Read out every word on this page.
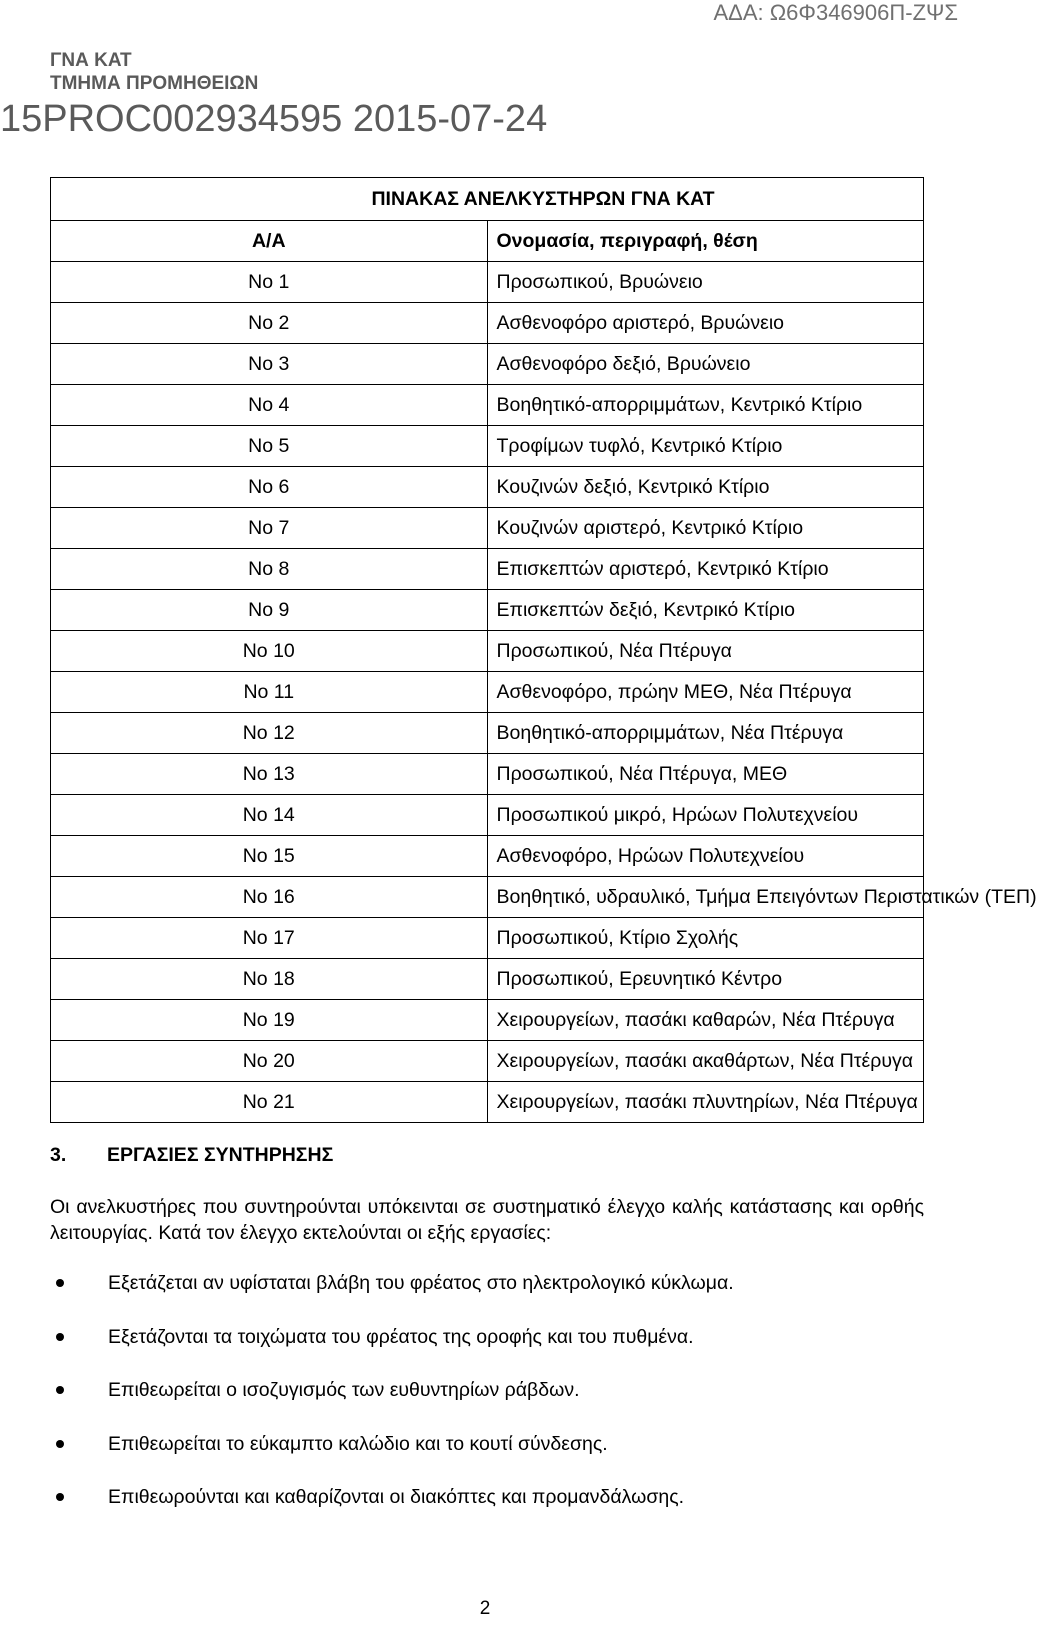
ΑΔΑ: Ω6Φ346906Π-ΖΨΣ
ΓΝΑ ΚΑΤ
ΤΜΗΜΑ ΠΡΟΜΗΘΕΙΩΝ
15PROC002934595 2015-07-24
ΠΙΝΑΚΑΣ ΑΝΕΛΚΥΣΤΗΡΩΝ ΓΝΑ ΚΑΤ	
Α/Α	Ονομασία, περιγραφή, θέση
Νο 1	Προσωπικού, Βρυώνειο
Νο 2	Ασθενοφόρο αριστερό, Βρυώνειο
Νο 3	Ασθενοφόρο δεξιό, Βρυώνειο
Νο 4	Βοηθητικό-απορριμμάτων, Κεντρικό Κτίριο
Νο 5	Τροφίμων τυφλό, Κεντρικό Κτίριο
Νο 6	Κουζινών δεξιό, Κεντρικό Κτίριο
Νο 7	Κουζινών αριστερό, Κεντρικό Κτίριο
Νο 8	Επισκεπτών αριστερό, Κεντρικό Κτίριο
Νο 9	Επισκεπτών δεξιό, Κεντρικό Κτίριο
Νο 10	Προσωπικού, Νέα Πτέρυγα
Νο 11	Ασθενοφόρο, πρώην ΜΕΘ, Νέα Πτέρυγα
Νο 12	Βοηθητικό-απορριμμάτων, Νέα Πτέρυγα
Νο 13	Προσωπικού, Νέα Πτέρυγα, ΜΕΘ
Νο 14	Προσωπικού μικρό, Ηρώων Πολυτεχνείου
Νο 15	Ασθενοφόρο, Ηρώων Πολυτεχνείου
Νο 16	Βοηθητικό, υδραυλικό, Τμήμα Επειγόντων Περιστατικών (ΤΕΠ)
Νο 17	Προσωπικού, Κτίριο Σχολής
Νο 18	Προσωπικού, Ερευνητικό Κέντρο
Νο 19	Χειρουργείων, πασάκι καθαρών, Νέα Πτέρυγα
Νο 20	Χειρουργείων, πασάκι ακαθάρτων, Νέα Πτέρυγα
Νο 21	Χειρουργείων, πασάκι πλυντηρίων, Νέα Πτέρυγα
3. ΕΡΓΑΣΙΕΣ ΣΥΝΤΗΡΗΣΗΣ
Οι ανελκυστήρες που συντηρούνται υπόκεινται σε συστηματικό έλεγχο καλής κατάστασης και ορθής λειτουργίας. Κατά τον έλεγχο εκτελούνται οι εξής εργασίες:
Εξετάζεται αν υφίσταται βλάβη του φρέατος στο ηλεκτρολογικό κύκλωμα.
Εξετάζονται τα τοιχώματα του φρέατος της οροφής και του πυθμένα.
Επιθεωρείται ο ισοζυγισμός των ευθυντηρίων ράβδων.
Επιθεωρείται το εύκαμπτο καλώδιο και το κουτί σύνδεσης.
Επιθεωρούνται και καθαρίζονται οι διακόπτες και προμανδάλωσης.
2
